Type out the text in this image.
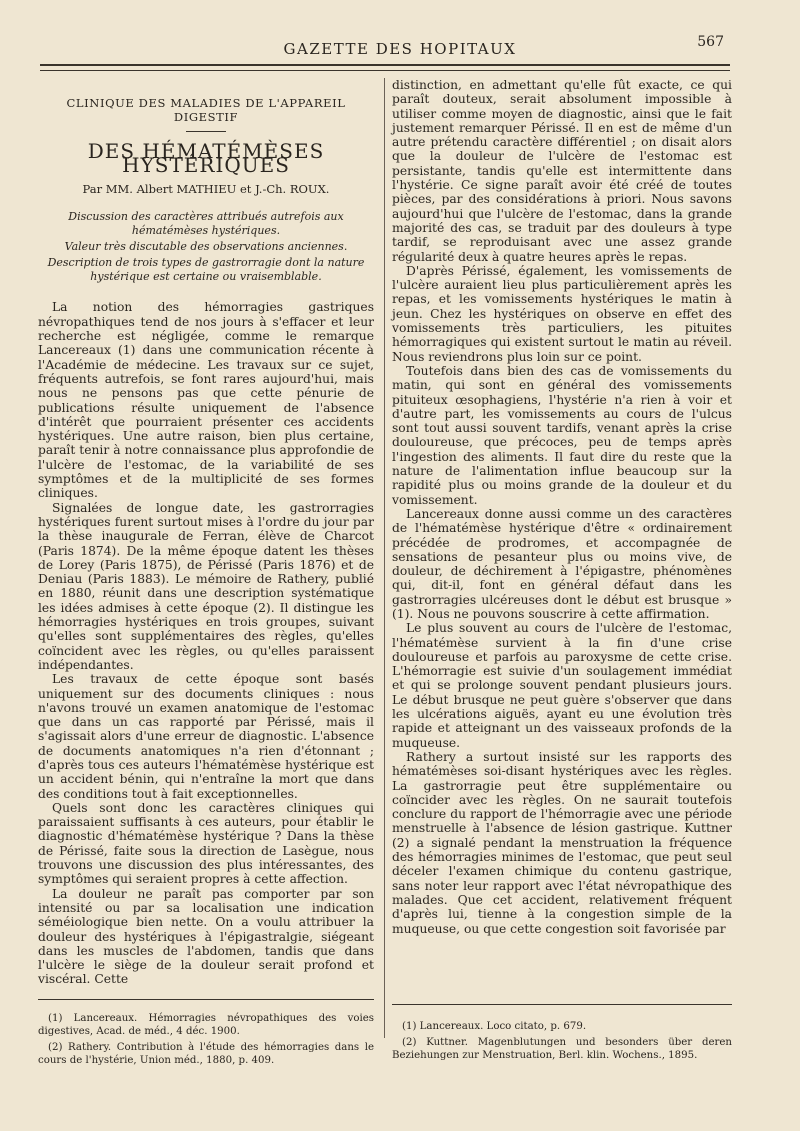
567
GAZETTE DES HOPITAUX
CLINIQUE DES MALADIES DE L'APPAREIL DIGESTIF
DES HÉMATÉMÈSES HYSTÉRIQUES
Par MM. Albert MATHIEU et J.-Ch. ROUX.
Discussion des caractères attribués autrefois aux hématémèses hystériques.
Valeur très discutable des observations anciennes.
Description de trois types de gastrorragie dont la nature hystérique est certaine ou vraisemblable.

La notion des hémorragies gastriques névropathiques tend de nos jours à s'effacer et leur recherche est négligée, comme le remarque Lancereaux (1) dans une communication récente à l'Académie de médecine. Les travaux sur ce sujet, fréquents autrefois, se font rares aujourd'hui, mais nous ne pensons pas que cette pénurie de publications résulte uniquement de l'absence d'intérêt que pourraient présenter ces accidents hystériques. Une autre raison, bien plus certaine, paraît tenir à notre connaissance plus approfondie de l'ulcère de l'estomac, de la variabilité de ses symptômes et de la multiplicité de ses formes cliniques.

Signalées de longue date, les gastrorragies hystériques furent surtout mises à l'ordre du jour par la thèse inaugurale de Ferran, élève de Charcot (Paris 1874). De la même époque datent les thèses de Lorey (Paris 1875), de Périssé (Paris 1876) et de Deniau (Paris 1883). Le mémoire de Rathery, publié en 1880, réunit dans une description systématique les idées admises à cette époque (2). Il distingue les hémorragies hystériques en trois groupes, suivant qu'elles sont supplémentaires des règles, qu'elles coïncident avec les règles, ou qu'elles paraissent indépendantes.

Les travaux de cette époque sont basés uniquement sur des documents cliniques : nous n'avons trouvé un examen anatomique de l'estomac que dans un cas rapporté par Périssé, mais il s'agissait alors d'une erreur de diagnostic. L'absence de documents anatomiques n'a rien d'étonnant ; d'après tous ces auteurs l'hématémèse hystérique est un accident bénin, qui n'entraîne la mort que dans des conditions tout à fait exceptionnelles.

Quels sont donc les caractères cliniques qui paraissaient suffisants à ces auteurs, pour établir le diagnostic d'hématémèse hystérique ? Dans la thèse de Périssé, faite sous la direction de Lasègue, nous trouvons une discussion des plus intéressantes, des symptômes qui seraient propres à cette affection.

La douleur ne paraît pas comporter par son intensité ou par sa localisation une indication séméiologique bien nette. On a voulu attribuer la douleur des hystériques à l'épigastralgie, siégeant dans les muscles de l'abdomen, tandis que dans l'ulcère le siège de la douleur serait profond et viscéral. Cette

distinction, en admettant qu'elle fût exacte, ce qui paraît douteux, serait absolument impossible à utiliser comme moyen de diagnostic, ainsi que le fait justement remarquer Périssé. Il en est de même d'un autre prétendu caractère différentiel ; on disait alors que la douleur de l'ulcère de l'estomac est persistante, tandis qu'elle est intermittente dans l'hystérie. Ce signe paraît avoir été créé de toutes pièces, par des considérations à priori. Nous savons aujourd'hui que l'ulcère de l'estomac, dans la grande majorité des cas, se traduit par des douleurs à type tardif, se reproduisant avec une assez grande régularité deux à quatre heures après le repas.

D'après Périssé, également, les vomissements de l'ulcère auraient lieu plus particulièrement après les repas, et les vomissements hystériques le matin à jeun. Chez les hystériques on observe en effet des vomissements très particuliers, les pituites hémorragiques qui existent surtout le matin au réveil. Nous reviendrons plus loin sur ce point.

Toutefois dans bien des cas de vomissements du matin, qui sont en général des vomissements pituiteux œsophagiens, l'hystérie n'a rien à voir et d'autre part, les vomissements au cours de l'ulcus sont tout aussi souvent tardifs, venant après la crise douloureuse, que précoces, peu de temps après l'ingestion des aliments. Il faut dire du reste que la nature de l'alimentation influe beaucoup sur la rapidité plus ou moins grande de la douleur et du vomissement.

Lancereaux donne aussi comme un des caractères de l'hématémèse hystérique d'être « ordinairement précédée de prodromes, et accompagnée de sensations de pesanteur plus ou moins vive, de douleur, de déchirement à l'épigastre, phénomènes qui, dit-il, font en général défaut dans les gastrorragies ulcéreuses dont le début est brusque » (1). Nous ne pouvons souscrire à cette affirmation.

Le plus souvent au cours de l'ulcère de l'estomac, l'hématémèse survient à la fin d'une crise douloureuse et parfois au paroxysme de cette crise. L'hémorragie est suivie d'un soulagement immédiat et qui se prolonge souvent pendant plusieurs jours. Le début brusque ne peut guère s'observer que dans les ulcérations aiguës, ayant eu une évolution très rapide et atteignant un des vaisseaux profonds de la muqueuse.

Rathery a surtout insisté sur les rapports des hématémèses soi-disant hystériques avec les règles. La gastrorragie peut être supplémentaire ou coïncider avec les règles. On ne saurait toutefois conclure du rapport de l'hémorragie avec une période menstruelle à l'absence de lésion gastrique. Kuttner (2) a signalé pendant la menstruation la fréquence des hémorragies minimes de l'estomac, que peut seul déceler l'examen chimique du contenu gastrique, sans noter leur rapport avec l'état névropathique des malades. Que cet accident, relativement fréquent d'après lui, tienne à la congestion simple de la muqueuse, ou que cette congestion soit favorisée par

(1) Lancereaux. Hémorragies névropathiques des voies digestives, Acad. de méd., 4 déc. 1900.

(2) Rathery. Contribution à l'étude des hémorragies dans le cours de l'hystérie, Union méd., 1880, p. 409.

(1) Lancereaux. Loco citato, p. 679.

(2) Kuttner. Magenblutungen und besonders über deren Beziehungen zur Menstruation, Berl. klin. Wochens., 1895.
